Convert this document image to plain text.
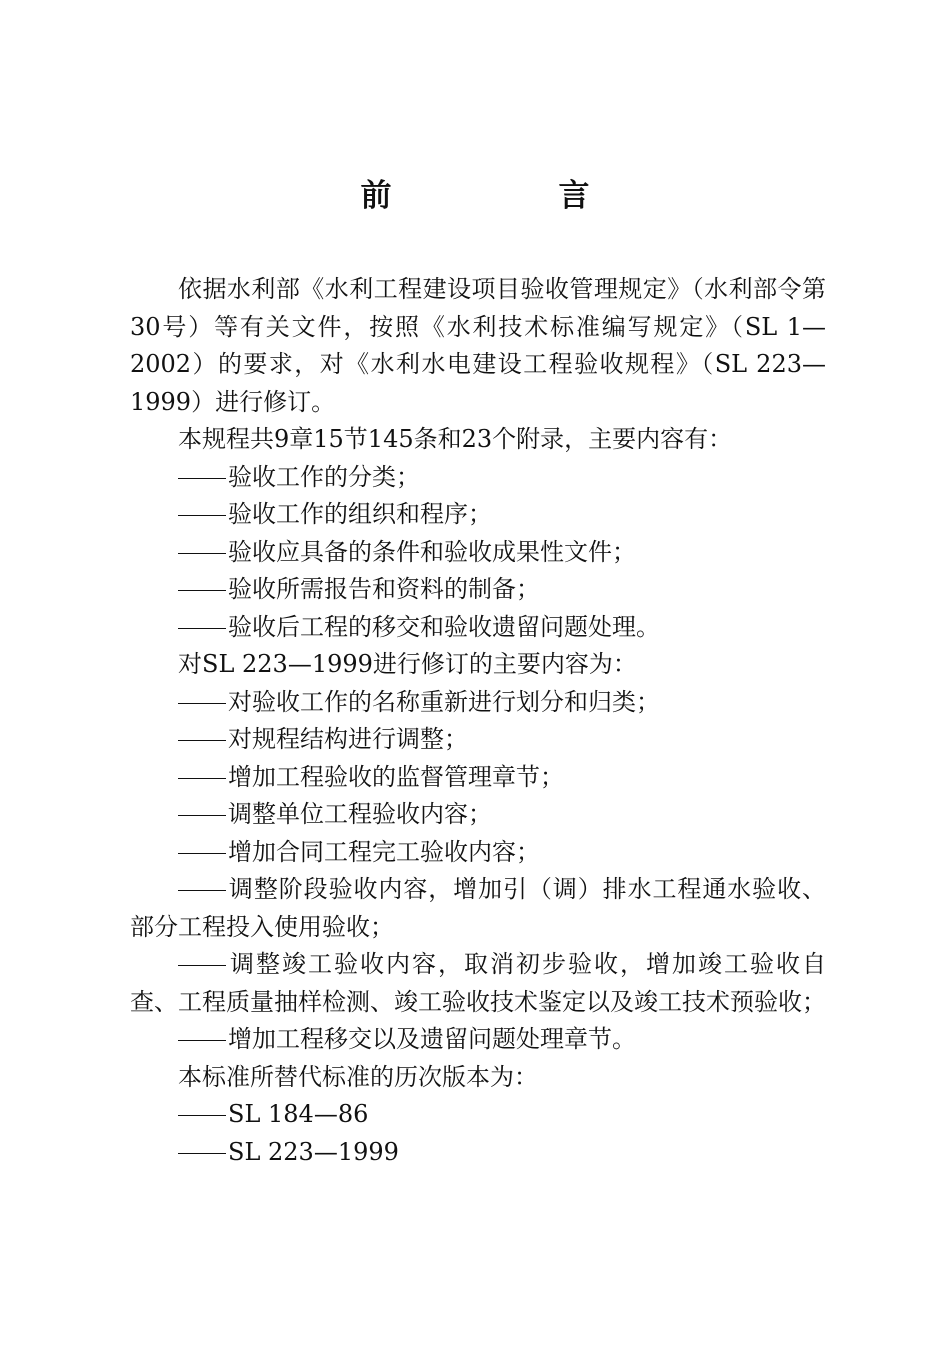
前　言

依据水利部《水利工程建设项目验收管理规定》（水利部令第30号）等有关文件，按照《水利技术标准编写规定》（SL 1—2002）的要求，对《水利水电建设工程验收规程》（SL 223—1999）进行修订。

本规程共9章15节145条和23个附录，主要内容有：

验收工作的分类；

验收工作的组织和程序；

验收应具备的条件和验收成果性文件；

验收所需报告和资料的制备；

验收后工程的移交和验收遗留问题处理。

对SL 223—1999进行修订的主要内容为：

对验收工作的名称重新进行划分和归类；

对规程结构进行调整；

增加工程验收的监督管理章节；

调整单位工程验收内容；

增加合同工程完工验收内容；

调整阶段验收内容，增加引（调）排水工程通水验收、部分工程投入使用验收；

调整竣工验收内容，取消初步验收，增加竣工验收自查、工程质量抽样检测、竣工验收技术鉴定以及竣工技术预验收；

增加工程移交以及遗留问题处理章节。

本标准所替代标准的历次版本为：

SL 184—86

SL 223—1999
